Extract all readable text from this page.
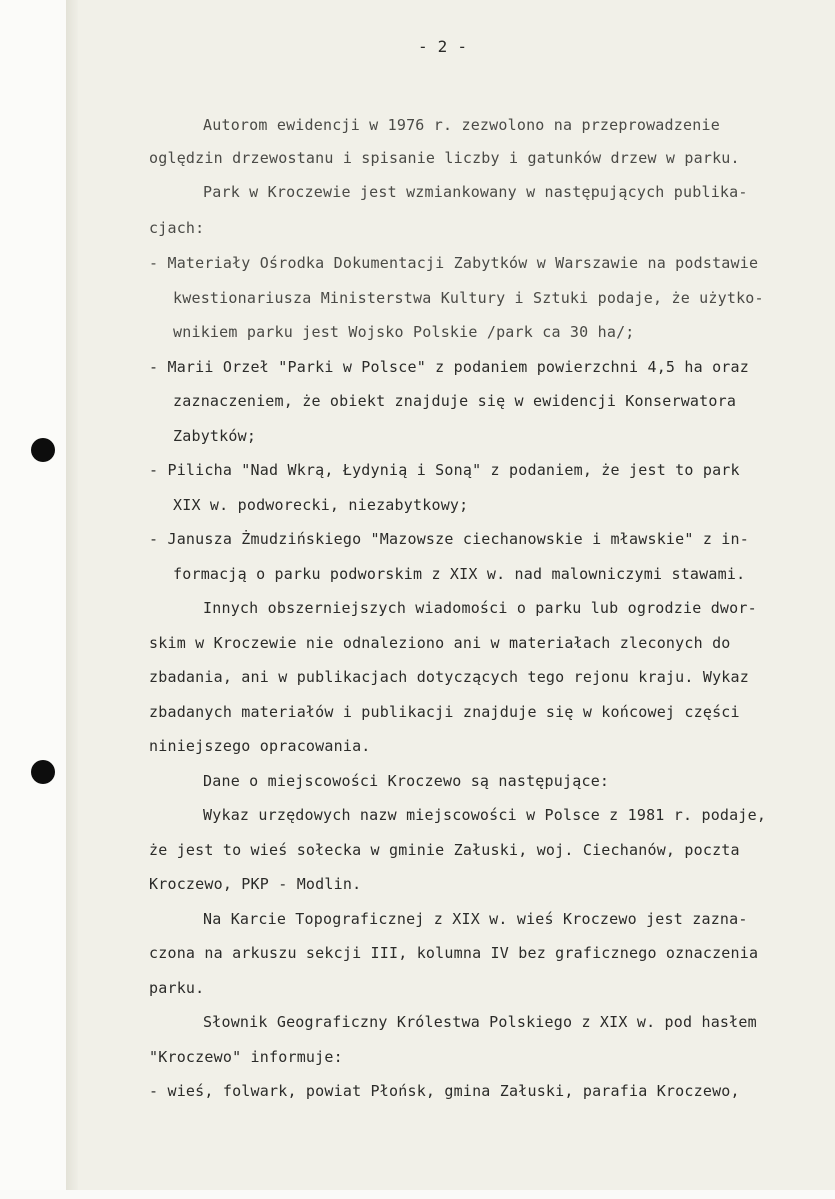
- 2 -

Autorom ewidencji w 1976 r. zezwolono na przeprowadzenie

oględzin drzewostanu i spisanie liczby i gatunków drzew w parku.

Park w Kroczewie jest wzmiankowany w następujących publika-

cjach:

- Materiały Ośrodka Dokumentacji Zabytków w Warszawie na podstawie

kwestionariusza Ministerstwa Kultury i Sztuki podaje, że użytko-

wnikiem parku jest Wojsko Polskie /park ca 30 ha/;

- Marii Orzeł "Parki w Polsce" z podaniem powierzchni 4,5 ha oraz

zaznaczeniem, że obiekt znajduje się w ewidencji Konserwatora

Zabytków;

- Pilicha "Nad Wkrą, Łydynią i Soną" z podaniem, że jest to park

XIX w. podworecki, niezabytkowy;

- Janusza Żmudzińskiego "Mazowsze ciechanowskie i mławskie" z in-

formacją o parku podworskim z XIX w. nad malowniczymi stawami.

Innych obszerniejszych wiadomości o parku lub ogrodzie dwor-

skim w Kroczewie nie odnaleziono ani w materiałach zleconych do

zbadania, ani w publikacjach dotyczących tego rejonu kraju. Wykaz

zbadanych materiałów i publikacji znajduje się w końcowej części

niniejszego opracowania.

Dane o miejscowości Kroczewo są następujące:

Wykaz urzędowych nazw miejscowości w Polsce z 1981 r. podaje,

że jest to wieś sołecka w gminie Załuski, woj. Ciechanów, poczta

Kroczewo, PKP - Modlin.

Na Karcie Topograficznej z XIX w. wieś Kroczewo jest zazna-

czona na arkuszu sekcji III, kolumna IV bez graficznego oznaczenia

parku.

Słownik Geograficzny Królestwa Polskiego z XIX w. pod hasłem

"Kroczewo" informuje:

- wieś, folwark, powiat Płońsk, gmina Załuski, parafia Kroczewo,
